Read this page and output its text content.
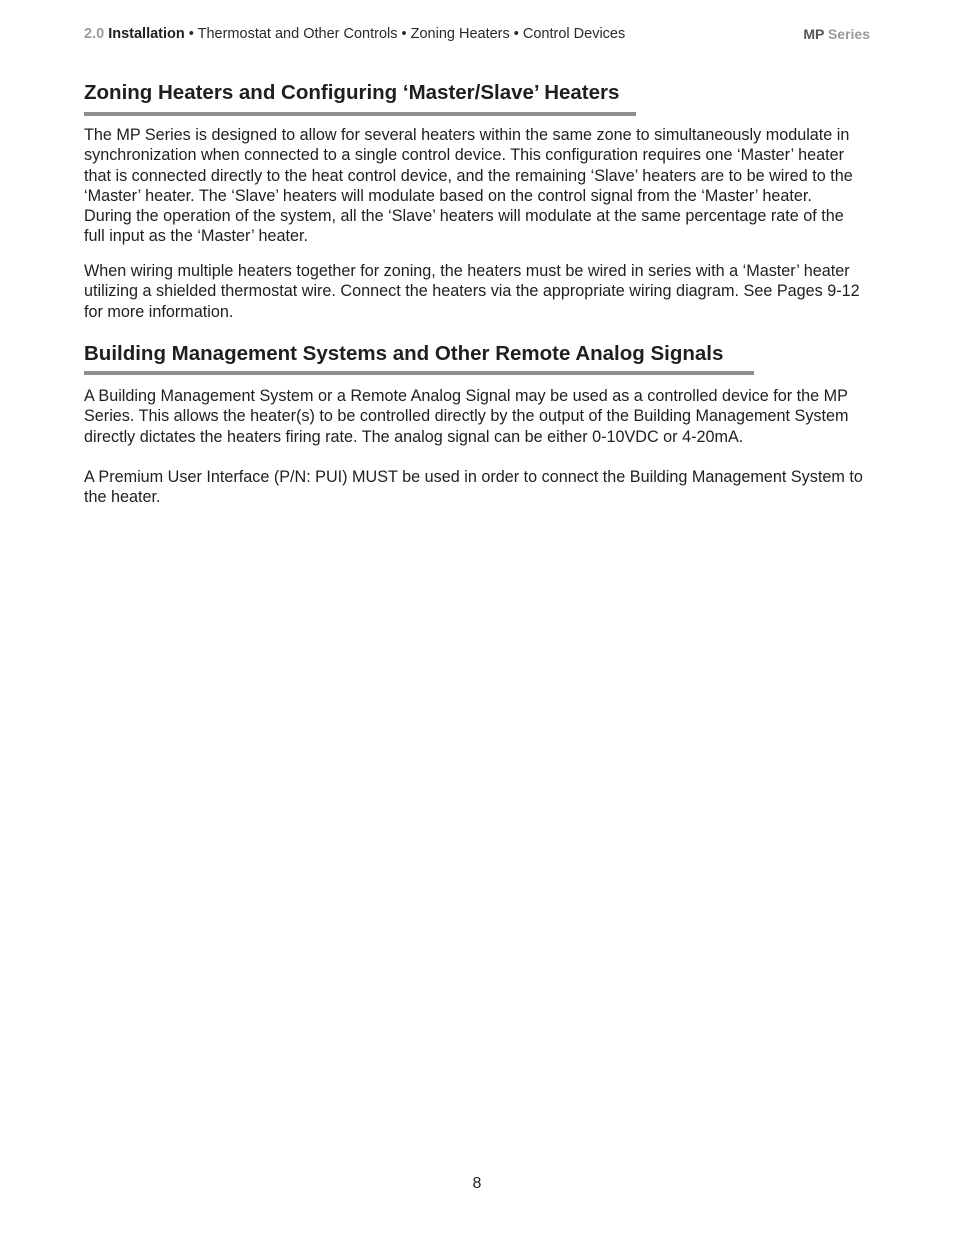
2.0 Installation • Thermostat and Other Controls • Zoning Heaters • Control Devices	MP Series
Zoning Heaters and Configuring ‘Master/Slave’ Heaters

The MP Series is designed to allow for several heaters within the same zone to simultaneously modulate in synchronization when connected to a single control device. This configuration requires one ‘Master’ heater that is connected directly to the heat control device, and the remaining ‘Slave’ heaters are to be wired to the ‘Master’ heater. The ‘Slave’ heaters will modulate based on the control signal from the ‘Master’ heater. During the operation of the system, all the ‘Slave’ heaters will modulate at the same percentage rate of the full input as the ‘Master’ heater.

When wiring multiple heaters together for zoning, the heaters must be wired in series with a ‘Master’ heater utilizing a shielded thermostat wire. Connect the heaters via the appropriate wiring diagram. See Pages 9-12 for more information.

Building Management Systems and Other Remote Analog Signals

A Building Management System or a Remote Analog Signal may be used as a controlled device for the MP Series. This allows the heater(s) to be controlled directly by the output of the Building Management System directly dictates the heaters firing rate. The analog signal can be either 0-10VDC or 4-20mA.

A Premium User Interface (P/N: PUI) MUST be used in order to connect the Building Management System to the heater.

8
